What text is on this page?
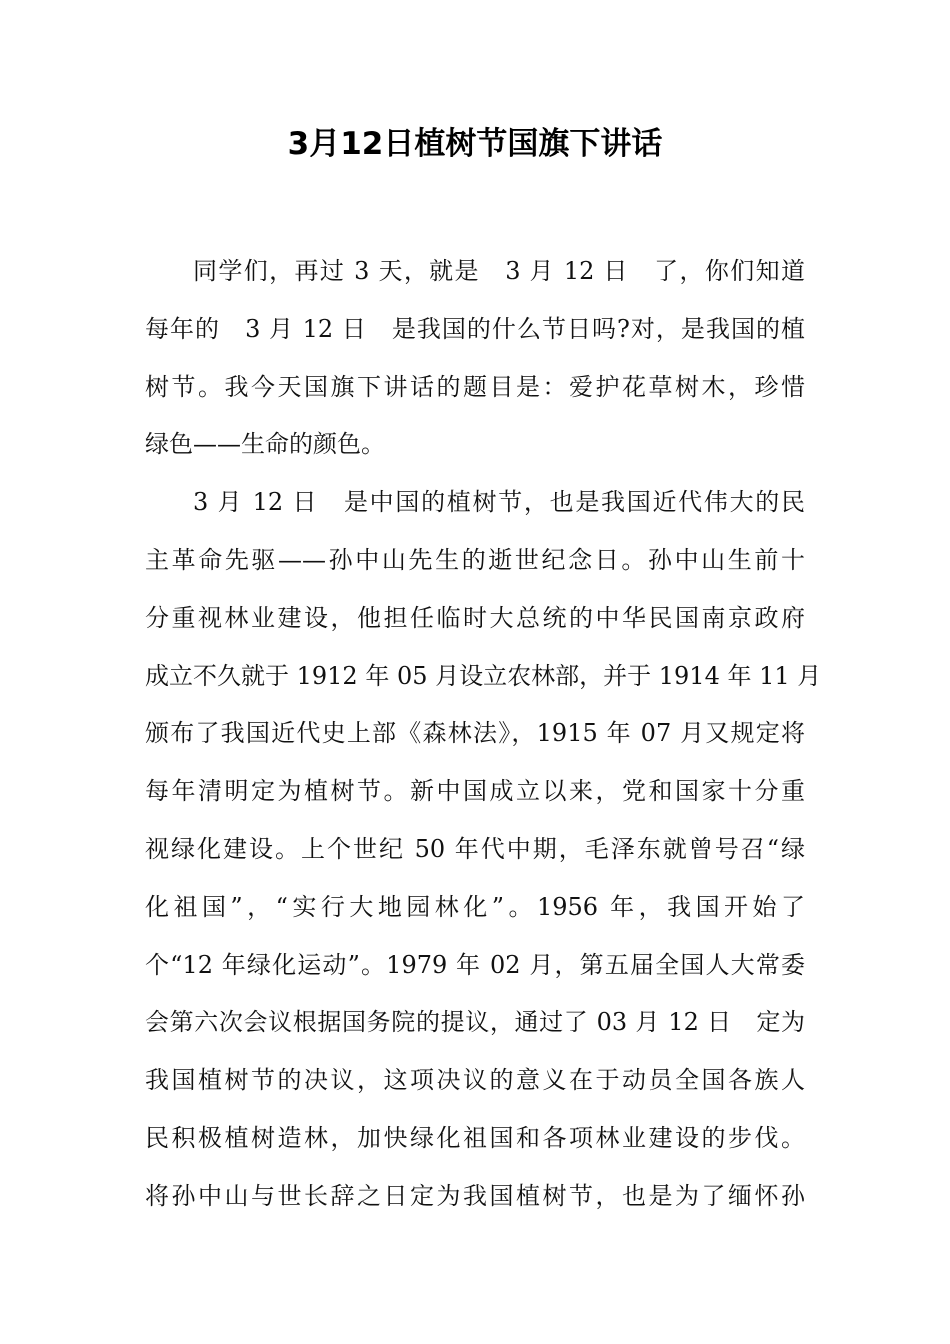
3月12日植树节国旗下讲话
同学们，再过 3 天，就是　3 月 12 日　了，你们知道
每年的　3 月 12 日　是我国的什么节日吗?对，是我国的植
树节。我今天国旗下讲话的题目是：爱护花草树木，珍惜
绿色——生命的颜色。
3 月 12 日　是中国的植树节，也是我国近代伟大的民
主革命先驱——孙中山先生的逝世纪念日。孙中山生前十
分重视林业建设，他担任临时大总统的中华民国南京政府
成立不久就于 1912 年 05 月设立农林部，并于 1914 年 11 月
颁布了我国近代史上部《森林法》，1915 年 07 月又规定将
每年清明定为植树节。新中国成立以来，党和国家十分重
视绿化建设。上个世纪 50 年代中期，毛泽东就曾号召“绿
化祖国”，“实行大地园林化”。1956 年，我国开始了
个“12 年绿化运动”。1979 年 02 月，第五届全国人大常委
会第六次会议根据国务院的提议，通过了 03 月 12 日　定为
我国植树节的决议，这项决议的意义在于动员全国各族人
民积极植树造林，加快绿化祖国和各项林业建设的步伐。
将孙中山与世长辞之日定为我国植树节，也是为了缅怀孙
